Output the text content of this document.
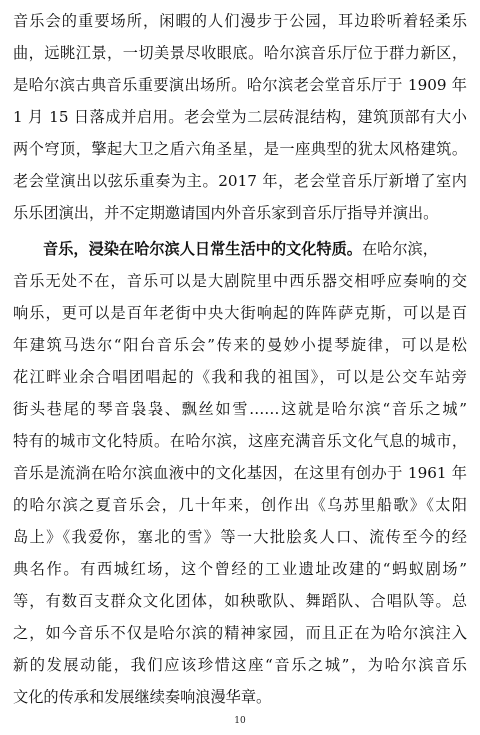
音乐会的重要场所，闲暇的人们漫步于公园，耳边聆听着轻柔乐
曲，远眺江景，一切美景尽收眼底。哈尔滨音乐厅位于群力新区，
是哈尔滨古典音乐重要演出场所。哈尔滨老会堂音乐厅于 1909 年
1 月 15 日落成并启用。老会堂为二层砖混结构，建筑顶部有大小
两个穹顶，擎起大卫之盾六角圣星，是一座典型的犹太风格建筑。
老会堂演出以弦乐重奏为主。2017 年，老会堂音乐厅新增了室内
乐乐团演出，并不定期邀请国内外音乐家到音乐厅指导并演出。
音乐，浸染在哈尔滨人日常生活中的文化特质。在哈尔滨，
音乐无处不在，音乐可以是大剧院里中西乐器交相呼应奏响的交
响乐，更可以是百年老街中央大街响起的阵阵萨克斯，可以是百
年建筑马迭尔“阳台音乐会”传来的曼妙小提琴旋律，可以是松
花江畔业余合唱团唱起的《我和我的祖国》，可以是公交车站旁
街头巷尾的琴音袅袅、飘丝如雪……这就是哈尔滨“音乐之城”
特有的城市文化特质。在哈尔滨，这座充满音乐文化气息的城市，
音乐是流淌在哈尔滨血液中的文化基因，在这里有创办于 1961 年
的哈尔滨之夏音乐会，几十年来，创作出《乌苏里船歌》《太阳
岛上》《我爱你，塞北的雪》等一大批脍炙人口、流传至今的经
典名作。有西城红场，这个曾经的工业遗址改建的“蚂蚁剧场”
等，有数百支群众文化团体，如秧歌队、舞蹈队、合唱队等。总
之，如今音乐不仅是哈尔滨的精神家园，而且正在为哈尔滨注入
新的发展动能，我们应该珍惜这座“音乐之城”，为哈尔滨音乐
文化的传承和发展继续奏响浪漫华章。
10
